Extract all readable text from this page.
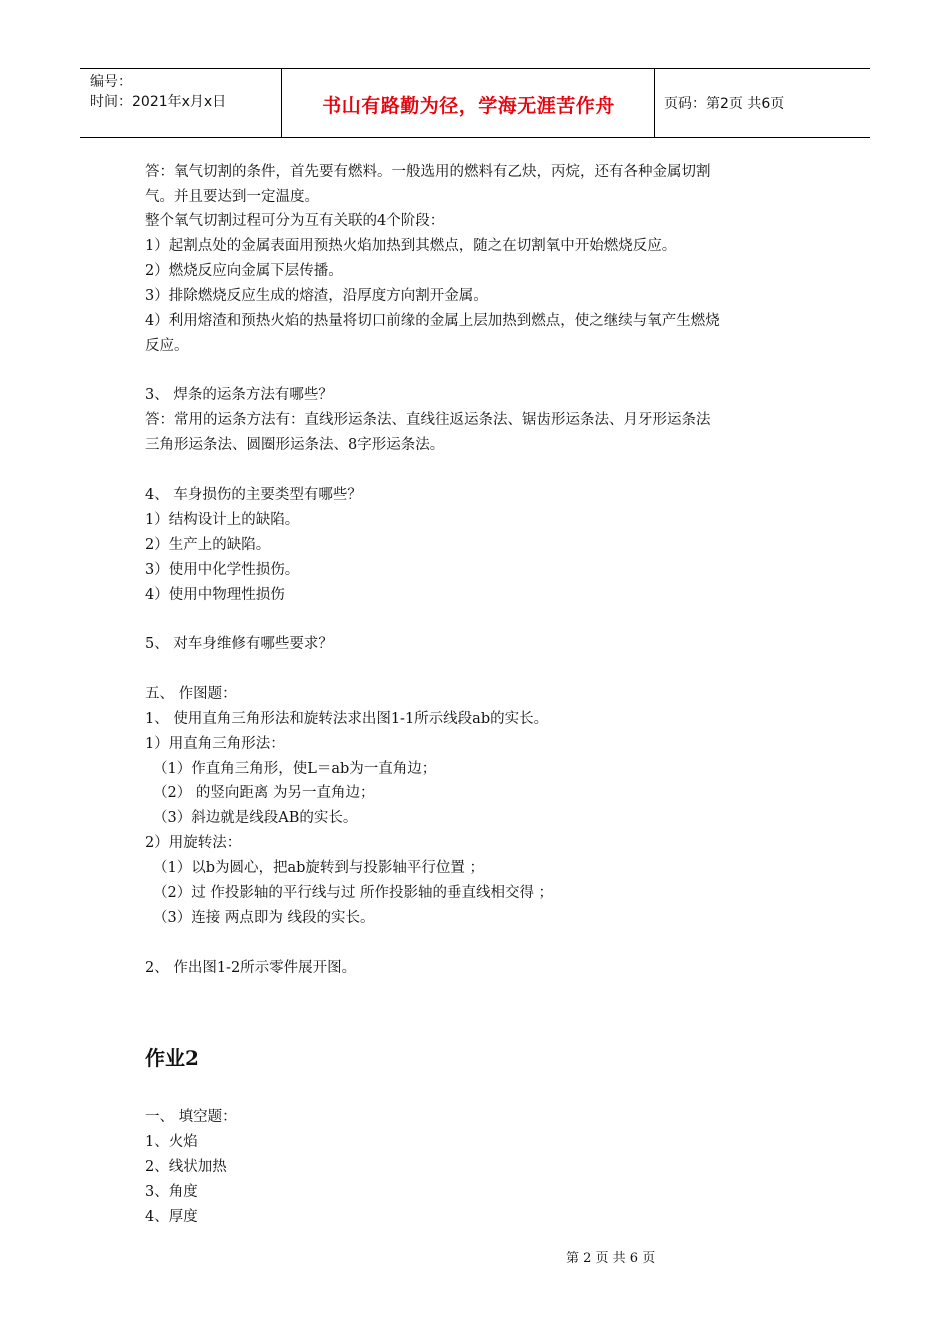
编号：
时间：2021年x月x日	书山有路勤为径，学海无涯苦作舟	页码：第2页 共6页
答：氧气切割的条件，首先要有燃料。一般选用的燃料有乙炔，丙烷，还有各种金属切割
气。并且要达到一定温度。
整个氧气切割过程可分为互有关联的4个阶段：
1）起割点处的金属表面用预热火焰加热到其燃点，随之在切割氧中开始燃烧反应。
2）燃烧反应向金属下层传播。
3）排除燃烧反应生成的熔渣，沿厚度方向割开金属。
4）利用熔渣和预热火焰的热量将切口前缘的金属上层加热到燃点，使之继续与氧产生燃烧
反应。
3、 焊条的运条方法有哪些？
答：常用的运条方法有：直线形运条法、直线往返运条法、锯齿形运条法、月牙形运条法
三角形运条法、圆圈形运条法、8字形运条法。
4、 车身损伤的主要类型有哪些？
1）结构设计上的缺陷。
2）生产上的缺陷。
3）使用中化学性损伤。
4）使用中物理性损伤
5、 对车身维修有哪些要求？
五、 作图题：
1、 使用直角三角形法和旋转法求出图1-1所示线段ab的实长。
1）用直角三角形法：
（1）作直角三角形，使L＝ab为一直角边；
（2） 的竖向距离 为另一直角边；
（3）斜边就是线段AB的实长。
2）用旋转法：
（1）以b为圆心，把ab旋转到与投影轴平行位置 ；
（2）过 作投影轴的平行线与过 所作投影轴的垂直线相交得 ；
（3）连接 两点即为 线段的实长。
2、 作出图1-2所示零件展开图。
作业2
一、 填空题：
1、火焰
2、线状加热
3、角度
4、厚度
第 2 页 共 6 页
